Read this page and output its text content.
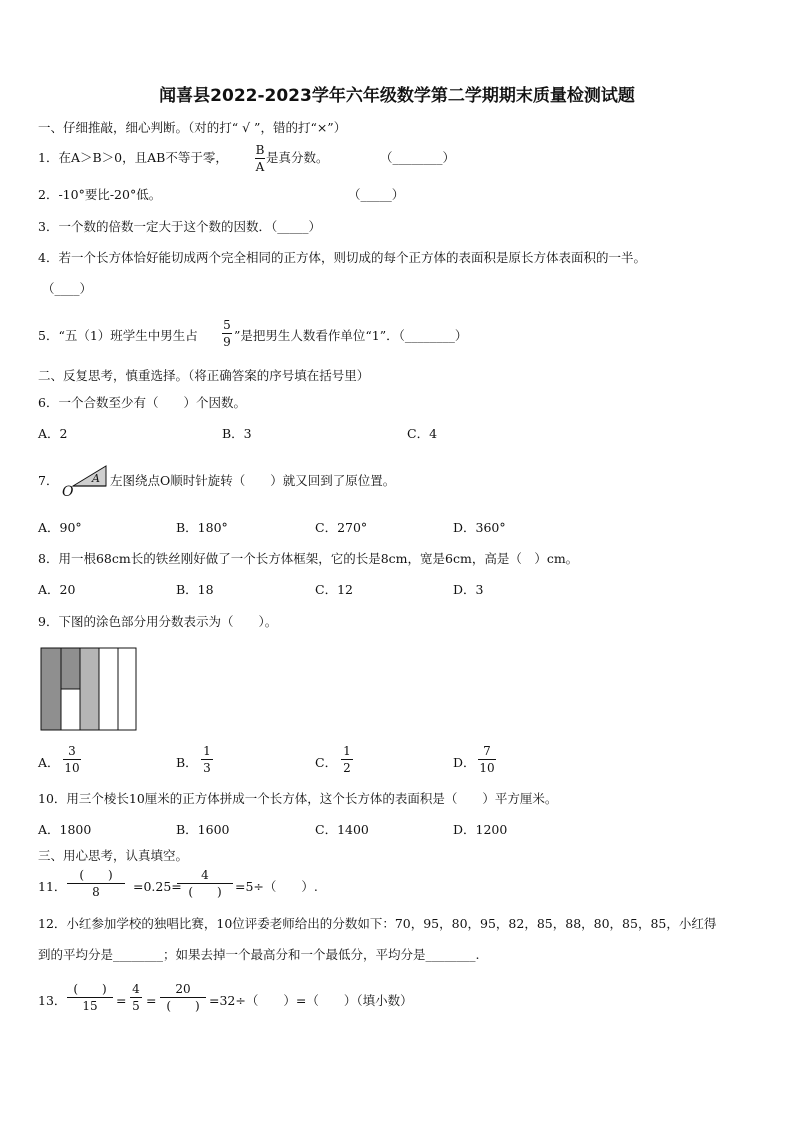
闻喜县2022-2023学年六年级数学第二学期期末质量检测试题
一、仔细推敲，细心判断。（对的打“ √ ”，错的打“×”）
1．在A＞B＞0，且AB不等于零， B
A
是真分数。	（________）
2．-10°要比-20°低。	（_____）
3．一个数的倍数一定大于这个数的因数．（_____）
4．若一个长方体恰好能切成两个完全相同的正方体，则切成的每个正方体的表面积是原长方体表面积的一半。
（____）
5．“五（1）班学生中男生占
5
9 ”是把男生人数看作单位“1”．（________）
二、反复思考，慎重选择。（将正确答案的序号填在括号里）
6．一个合数至少有（　　）个因数。
A．2	B．3	C．4
7．
O
A 左图绕点O顺时针旋转（　　）就又回到了原位置。
A．90°	B．180°	C．270°	D．360°
8．用一根68cm长的铁丝刚好做了一个长方体框架，它的长是8cm，宽是6cm，高是（　）cm。
A．20	B．18	C．12	D．3
9．下图的涂色部分用分数表示为（　　）。
A．
3
10	B．
1
3	C．
1
2	D．
7
10
10．用三个棱长10厘米的正方体拼成一个长方体，这个长方体的表面积是（　　）平方厘米。
A．1800	B．1600	C．1400	D．1200
三、用心思考，认真填空。
11．
(　　)
8	=0.25=
4
(　　)	=5÷（　　）.
12．小红参加学校的独唱比赛，10位评委老师给出的分数如下：70，95，80，95，82，85，88，80，85，85，小红得
到的平均分是________；如果去掉一个最高分和一个最低分，平均分是________.
13．
(　　)
15	=
4
5 =
20
(　　) =32÷（　　）=（　　）（填小数）
